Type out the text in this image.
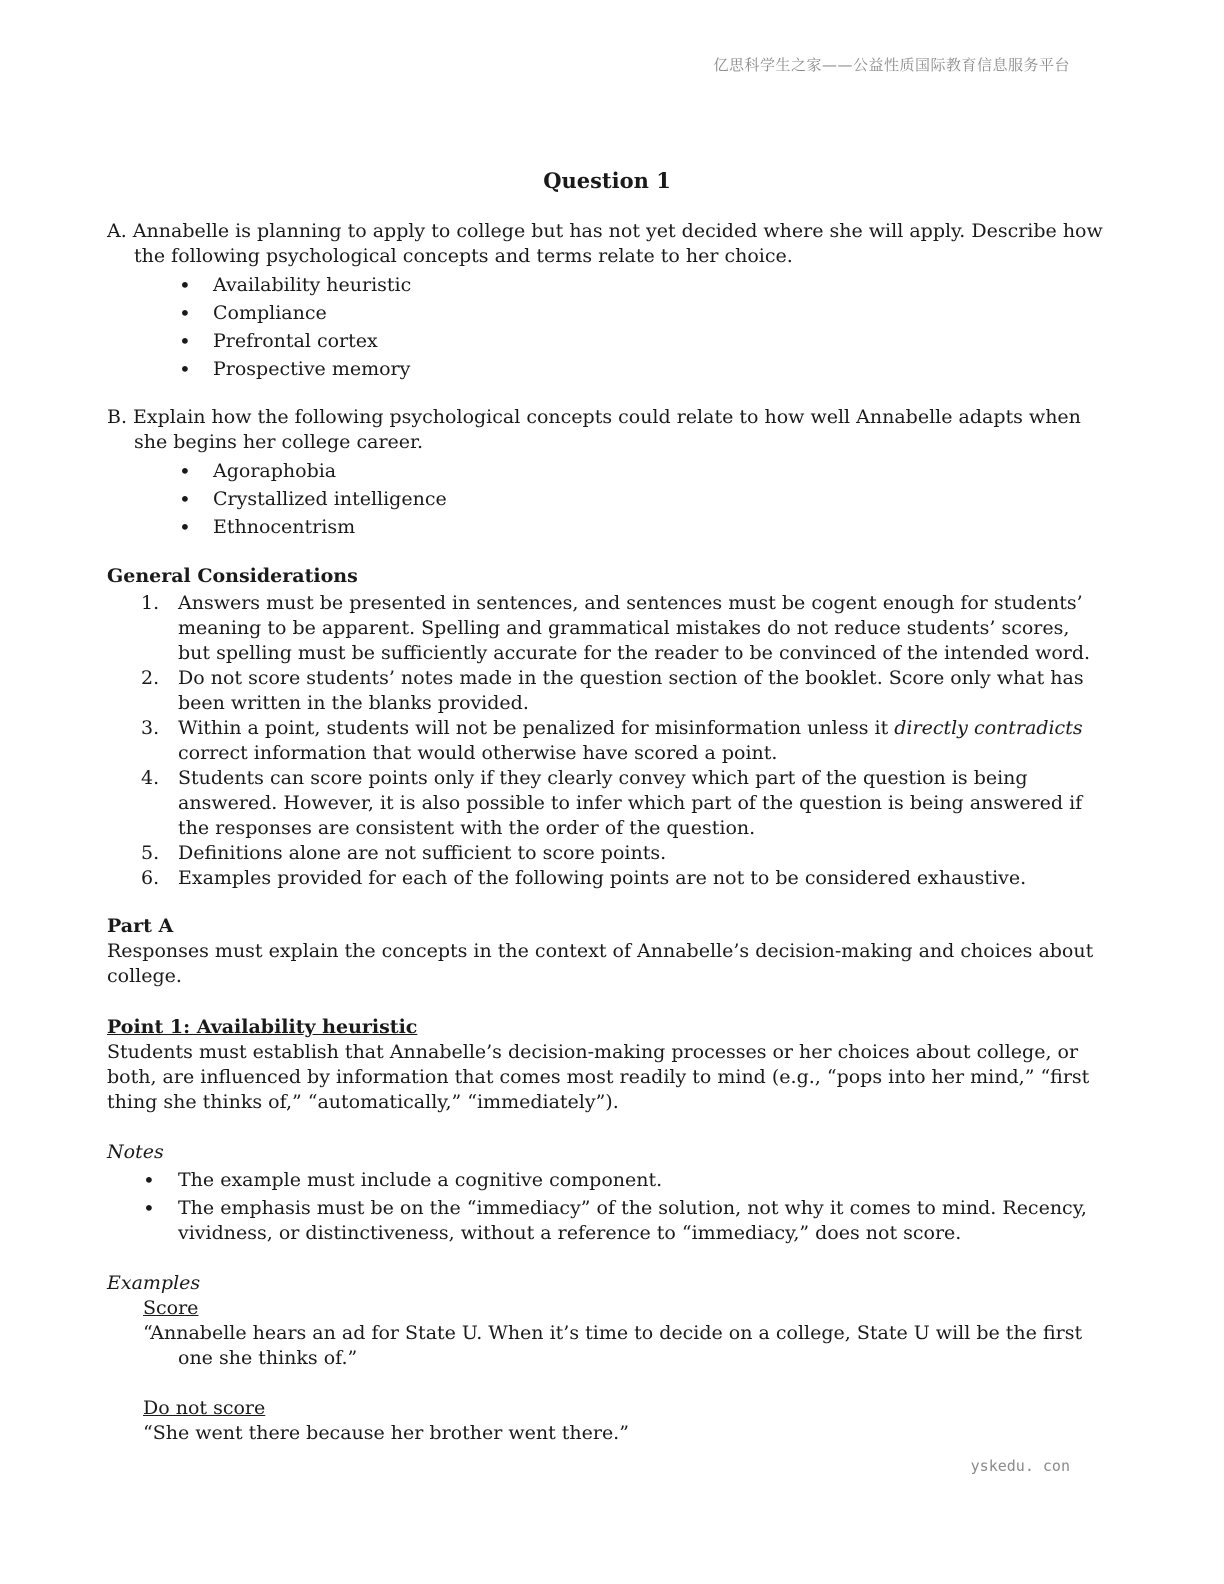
亿思科学生之家——公益性质国际教育信息服务平台
Question 1

A. Annabelle is planning to apply to college but has not yet decided where she will apply. Describe how the following psychological concepts and terms relate to her choice.

• Availability heuristic
• Compliance
• Prefrontal cortex
• Prospective memory

B. Explain how the following psychological concepts could relate to how well Annabelle adapts when she begins her college career.

• Agoraphobia
• Crystallized intelligence
• Ethnocentrism

General Considerations

1. Answers must be presented in sentences, and sentences must be cogent enough for students’ meaning to be apparent. Spelling and grammatical mistakes do not reduce students’ scores, but spelling must be sufficiently accurate for the reader to be convinced of the intended word.
2. Do not score students’ notes made in the question section of the booklet. Score only what has been written in the blanks provided.
3. Within a point, students will not be penalized for misinformation unless it directly contradicts correct information that would otherwise have scored a point.
4. Students can score points only if they clearly convey which part of the question is being answered. However, it is also possible to infer which part of the question is being answered if the responses are consistent with the order of the question.
5. Definitions alone are not sufficient to score points.
6. Examples provided for each of the following points are not to be considered exhaustive.

Part A

Responses must explain the concepts in the context of Annabelle’s decision-making and choices about college.

Point 1: Availability heuristic

Students must establish that Annabelle’s decision-making processes or her choices about college, or both, are influenced by information that comes most readily to mind (e.g., “pops into her mind,” “first thing she thinks of,” “automatically,” “immediately”).

Notes

• The example must include a cognitive component.
• The emphasis must be on the “immediacy” of the solution, not why it comes to mind. Recency, vividness, or distinctiveness, without a reference to “immediacy,” does not score.

Examples

Score

“Annabelle hears an ad for State U. When it’s time to decide on a college, State U will be the first one she thinks of.”

Do not score

“She went there because her brother went there.”

yskedu. con
